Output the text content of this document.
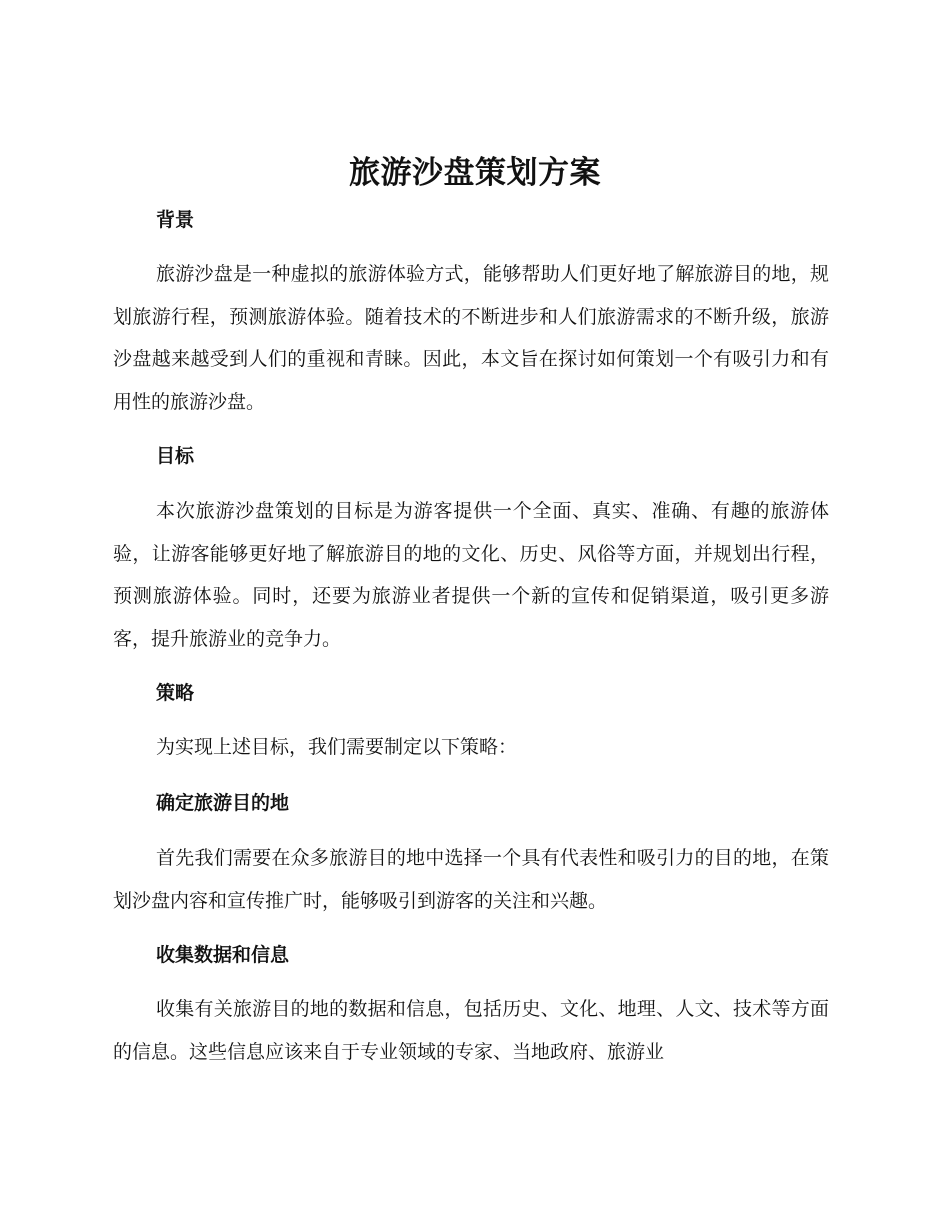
旅游沙盘策划方案
背景

旅游沙盘是一种虚拟的旅游体验方式，能够帮助人们更好地了解旅游目的地，规划旅游行程，预测旅游体验。随着技术的不断进步和人们旅游需求的不断升级，旅游沙盘越来越受到人们的重视和青睐。因此，本文旨在探讨如何策划一个有吸引力和有用性的旅游沙盘。

目标

本次旅游沙盘策划的目标是为游客提供一个全面、真实、准确、有趣的旅游体验，让游客能够更好地了解旅游目的地的文化、历史、风俗等方面，并规划出行程，预测旅游体验。同时，还要为旅游业者提供一个新的宣传和促销渠道，吸引更多游客，提升旅游业的竞争力。

策略

为实现上述目标，我们需要制定以下策略：

确定旅游目的地

首先我们需要在众多旅游目的地中选择一个具有代表性和吸引力的目的地，在策划沙盘内容和宣传推广时，能够吸引到游客的关注和兴趣。

收集数据和信息

收集有关旅游目的地的数据和信息，包括历史、文化、地理、人文、技术等方面的信息。这些信息应该来自于专业领域的专家、当地政府、旅游业
